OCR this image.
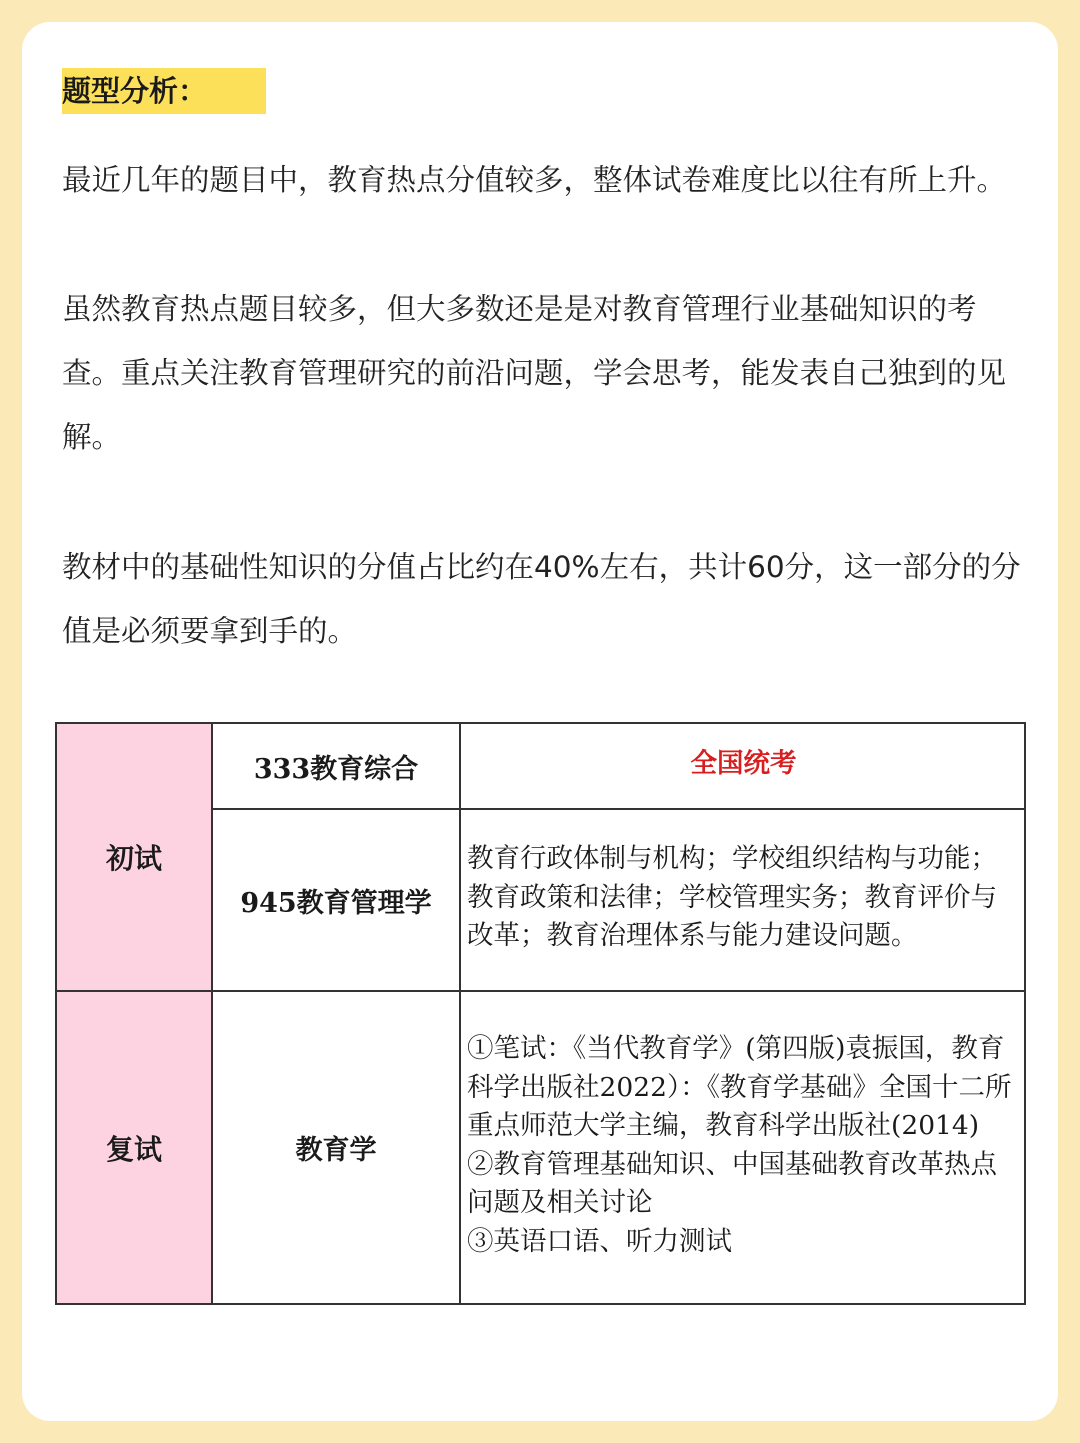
题型分析：
最近几年的题目中，教育热点分值较多，整体试卷难度比以往有所上升。
虽然教育热点题目较多，但大多数还是是对教育管理行业基础知识的考查。重点关注教育管理研究的前沿问题，学会思考，能发表自己独到的见解。
教材中的基础性知识的分值占比约在40%左右，共计60分，这一部分的分值是必须要拿到手的。
初试	333教育综合	全国统考
	945教育管理学	教育行政体制与机构；学校组织结构与功能；教育政策和法律；学校管理实务；教育评价与改革；教育治理体系与能力建设问题。
复试	教育学	①笔试：《当代教育学》(第四版)袁振国，教育科学出版社2022）：《教育学基础》全国十二所重点师范大学主编，教育科学出版社(2014)
②教育管理基础知识、中国基础教育改革热点问题及相关讨论
③英语口语、听力测试
